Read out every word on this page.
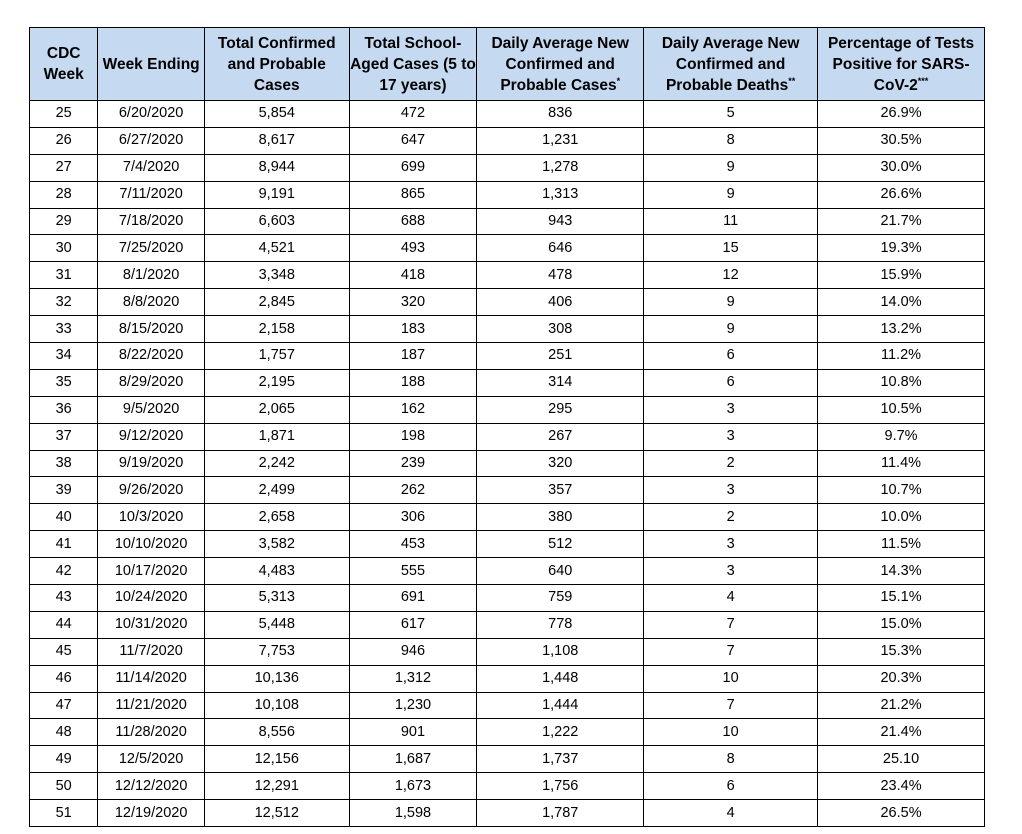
CDC Week	Week Ending	Total Confirmed and Probable Cases	Total School-Aged Cases (5 to 17 years)	Daily Average New Confirmed and Probable Cases*	Daily Average New Confirmed and Probable Deaths**	Percentage of Tests Positive for SARS-CoV-2***
25	6/20/2020	5,854	472	836	5	26.9%
26	6/27/2020	8,617	647	1,231	8	30.5%
27	7/4/2020	8,944	699	1,278	9	30.0%
28	7/11/2020	9,191	865	1,313	9	26.6%
29	7/18/2020	6,603	688	943	11	21.7%
30	7/25/2020	4,521	493	646	15	19.3%
31	8/1/2020	3,348	418	478	12	15.9%
32	8/8/2020	2,845	320	406	9	14.0%
33	8/15/2020	2,158	183	308	9	13.2%
34	8/22/2020	1,757	187	251	6	11.2%
35	8/29/2020	2,195	188	314	6	10.8%
36	9/5/2020	2,065	162	295	3	10.5%
37	9/12/2020	1,871	198	267	3	9.7%
38	9/19/2020	2,242	239	320	2	11.4%
39	9/26/2020	2,499	262	357	3	10.7%
40	10/3/2020	2,658	306	380	2	10.0%
41	10/10/2020	3,582	453	512	3	11.5%
42	10/17/2020	4,483	555	640	3	14.3%
43	10/24/2020	5,313	691	759	4	15.1%
44	10/31/2020	5,448	617	778	7	15.0%
45	11/7/2020	7,753	946	1,108	7	15.3%
46	11/14/2020	10,136	1,312	1,448	10	20.3%
47	11/21/2020	10,108	1,230	1,444	7	21.2%
48	11/28/2020	8,556	901	1,222	10	21.4%
49	12/5/2020	12,156	1,687	1,737	8	25.10
50	12/12/2020	12,291	1,673	1,756	6	23.4%
51	12/19/2020	12,512	1,598	1,787	4	26.5%
